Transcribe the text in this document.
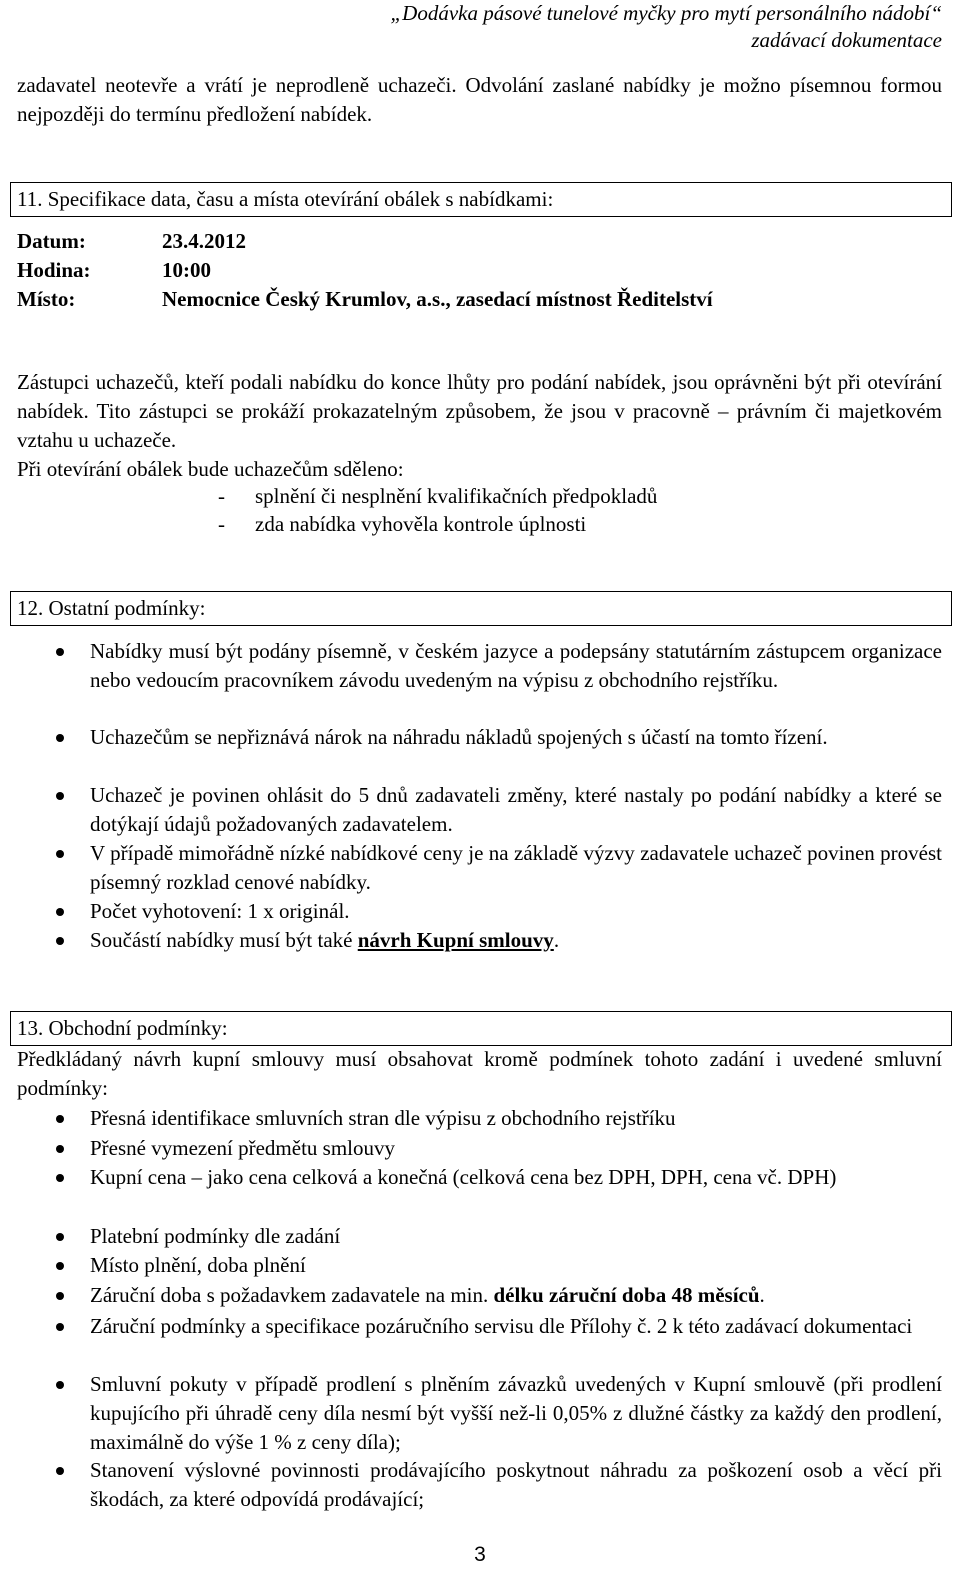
„Dodávka pásové tunelové myčky pro mytí personálního nádobí“
zadávací dokumentace
zadavatel neotevře a vrátí je neprodleně uchazeči. Odvolání zaslané nabídky je možno písemnou formou nejpozději do termínu předložení nabídek.
11. Specifikace data, času a místa otevírání obálek s nabídkami:
Datum:	23.4.2012
Hodina:	10:00
Místo:	Nemocnice Český Krumlov, a.s., zasedací místnost Ředitelství
Zástupci uchazečů, kteří podali nabídku do konce lhůty pro podání nabídek, jsou oprávněni být při otevírání nabídek. Tito zástupci se prokáží prokazatelným způsobem, že jsou v pracovně – právním či majetkovém vztahu u uchazeče.
Při otevírání obálek bude uchazečům sděleno:
- splnění či nesplnění kvalifikačních předpokladů
- zda nabídka vyhověla kontrole úplnosti
12. Ostatní podmínky:
Nabídky musí být podány písemně, v českém jazyce a podepsány statutárním zástupcem organizace nebo vedoucím pracovníkem závodu uvedeným na výpisu z obchodního rejstříku.
Uchazečům se nepřiznává nárok na náhradu nákladů spojených s účastí na tomto řízení.
Uchazeč je povinen ohlásit do 5 dnů zadavateli změny, které nastaly po podání nabídky a které se dotýkají údajů požadovaných zadavatelem.
V případě mimořádně nízké nabídkové ceny je na základě výzvy zadavatele uchazeč povinen provést písemný rozklad cenové nabídky.
Počet vyhotovení: 1 x originál.
Součástí nabídky musí být také návrh Kupní smlouvy.
13. Obchodní podmínky:
Předkládaný návrh kupní smlouvy musí obsahovat kromě podmínek tohoto zadání i uvedené smluvní podmínky:
Přesná identifikace smluvních stran dle výpisu z obchodního rejstříku
Přesné vymezení předmětu smlouvy
Kupní cena – jako cena celková a konečná (celková cena bez DPH, DPH, cena vč. DPH)
Platební podmínky dle zadání
Místo plnění, doba plnění
Záruční doba s požadavkem zadavatele na min. délku záruční doba 48 měsíců.
Záruční podmínky a specifikace pozáručního servisu dle Přílohy č. 2 k této zadávací dokumentaci
Smluvní pokuty v případě prodlení s plněním závazků uvedených v Kupní smlouvě (při prodlení kupujícího při úhradě ceny díla nesmí být vyšší než-li 0,05% z dlužné částky za každý den prodlení, maximálně do výše 1 % z ceny díla);
Stanovení výslovné povinnosti prodávajícího poskytnout náhradu za poškození osob a věcí při škodách, za které odpovídá prodávající;
3
